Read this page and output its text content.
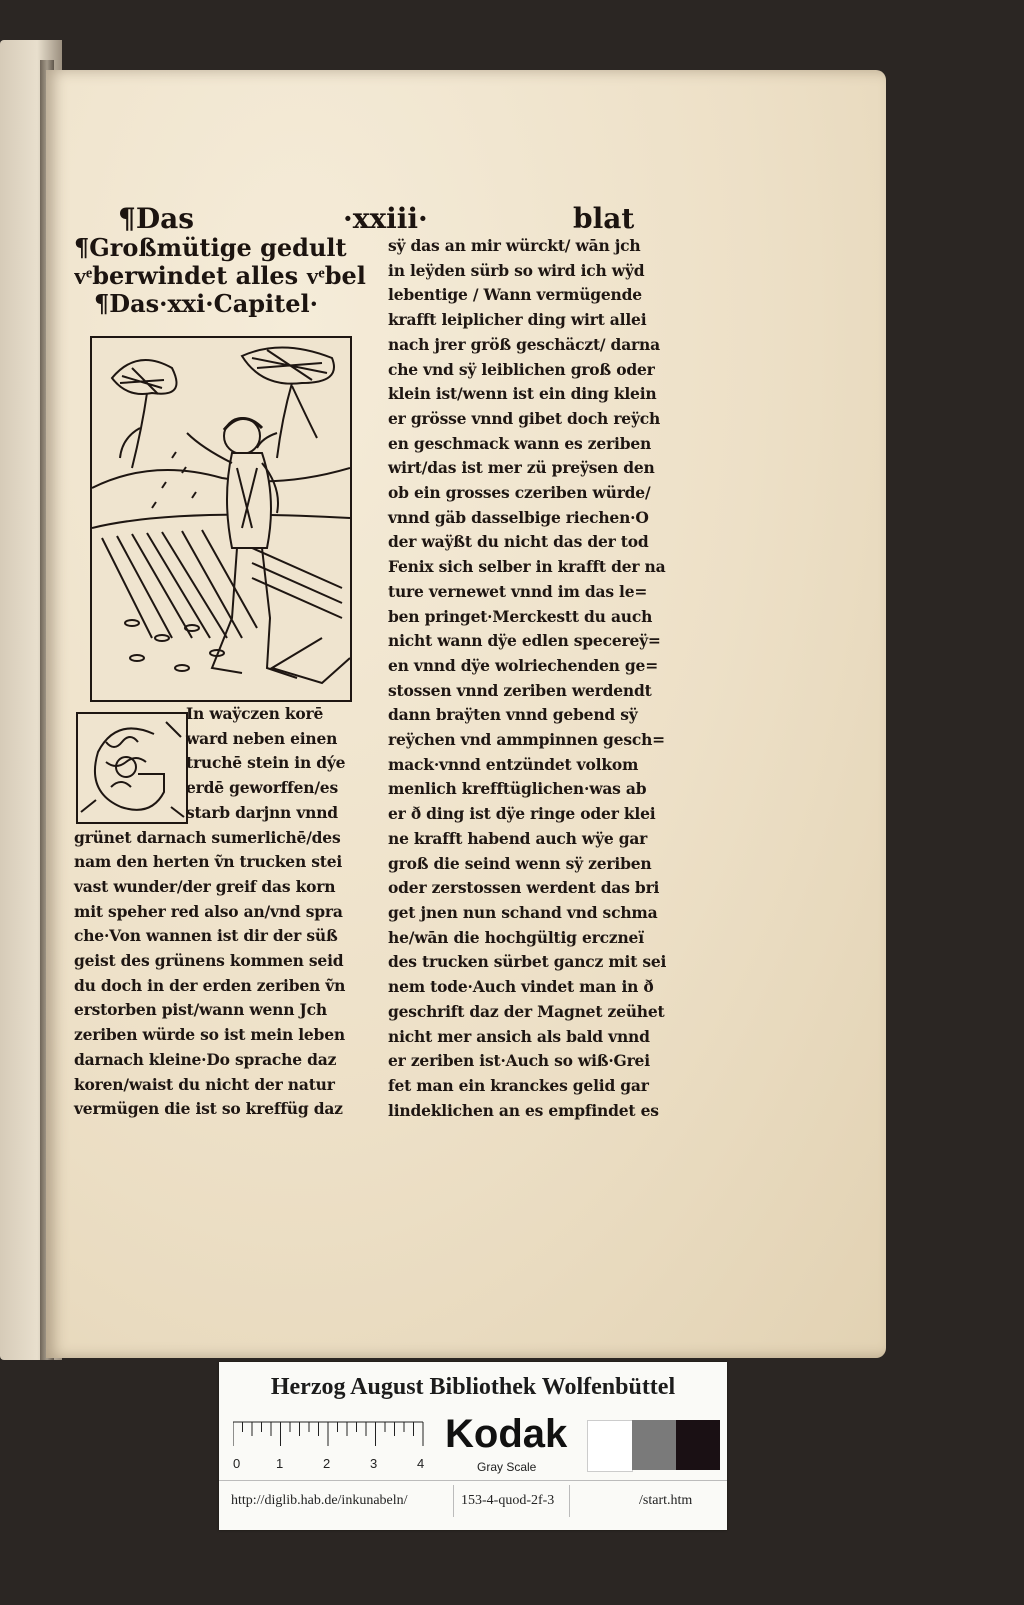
¶Das	·xxiii·	blat
¶Großmütige gedult
vͤberwindet alles vͤbel
¶Das·xxi·Capitel·
In waÿczen korē
ward neben einen
truchē stein in dýe
erdē geworffen/es
starb darjnn vnnd
grünet darnach sumerlichē/des
nam den herten ṽn trucken stei
vast wunder/der greif das korn
mit speher red also an/vnd spra
che·Von wannen ist dir der süß
geist des grünens kommen seid
du doch in der erden zeriben ṽn
erstorben pist/wann wenn Jch
zeriben würde so ist mein leben
darnach kleine·Do sprache daz
koren/waist du nicht der natur
vermügen die ist so kreffüg daz
sÿ das an mir würckt/ wān jch
in leÿden sürb so wird ich wÿd
lebentige / Wann vermügende
krafft leiplicher ding wirt allei
nach jrer größ geschäczt/ darna
che vnd sÿ leiblichen groß oder
klein ist/wenn ist ein ding klein
er grösse vnnd gibet doch reÿch
en geschmack wann es zeriben
wirt/das ist mer zü preÿsen den
ob ein grosses czeriben würde/
vnnd gäb dasselbige riechen·O
der waÿßt du nicht das der tod
Fenix sich selber in krafft der na
ture vernewet vnnd im das le=
ben pringet·Merckestt du auch
nicht wann dÿe edlen specereÿ=
en vnnd dÿe wolriechenden ge=
stossen vnnd zeriben werdendt
dann braÿten vnnd gebend sÿ
reÿchen vnd ammpinnen gesch=
mack·vnnd entzündet volkom
menlich krefftüglichen·was ab
er ð ding ist dÿe ringe oder klei
ne krafft habend auch wÿe gar
groß die seind wenn sÿ zeriben
oder zerstossen werdent das bri
get jnen nun schand vnd schma
he/wān die hochgültig erczneï
des trucken sürbet gancz mit sei
nem tode·Auch vindet man in ð
geschrift daz der Magnet zeühet
nicht mer ansich als bald vnnd
er zeriben ist·Auch so wiß·Grei
fet man ein kranckes gelid gar
lindeklichen an es empfindet es
Herzog August Bibliothek Wolfenbüttel
0	1	2	3	4
Kodak
Gray Scale
http://diglib.hab.de/inkunabeln/	153-4-quod-2f-3	/start.htm
